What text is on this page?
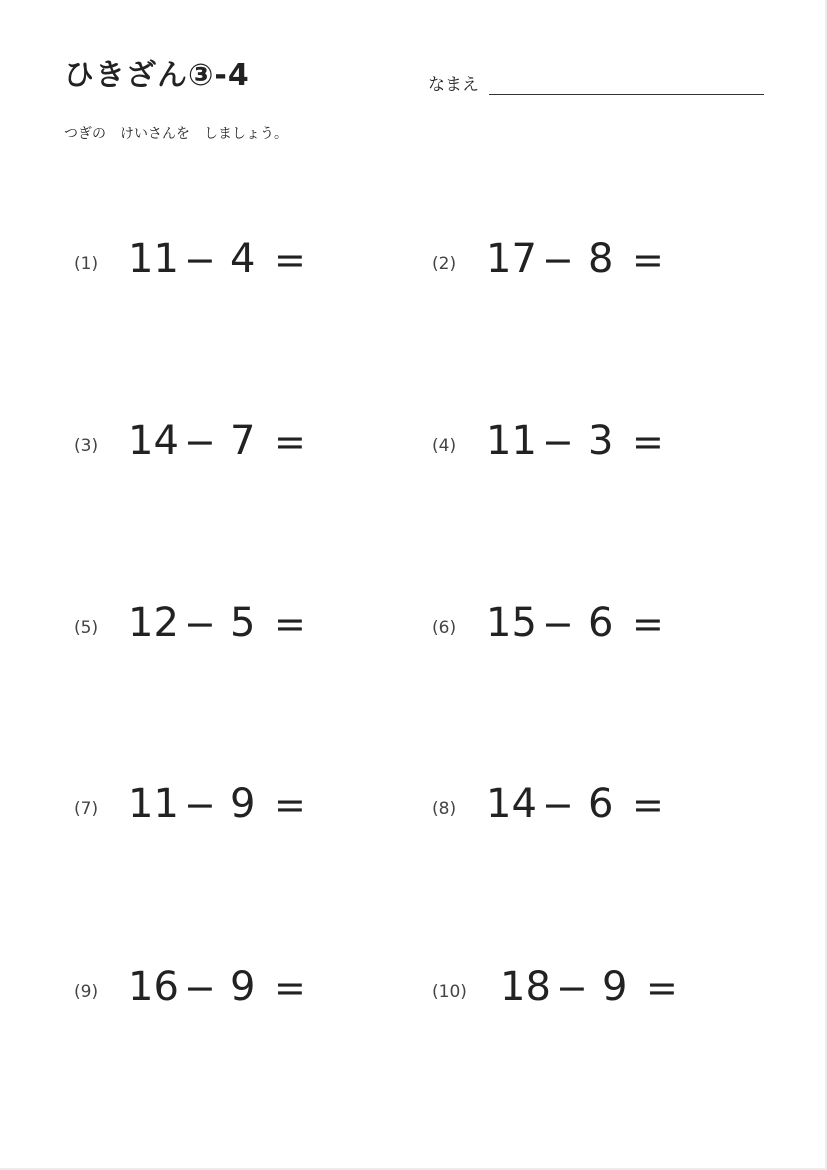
ひきざん③-4	なまえ
つぎの　けいさんを　しましょう。
(1) 11 − 4 =	(2) 17 − 8 =
(3) 14 − 7 =	(4) 11 − 3 =
(5) 12 − 5 =	(6) 15 − 6 =
(7) 11 − 9 =	(8) 14 − 6 =
(9) 16 − 9 =	(10) 18 − 9 =
